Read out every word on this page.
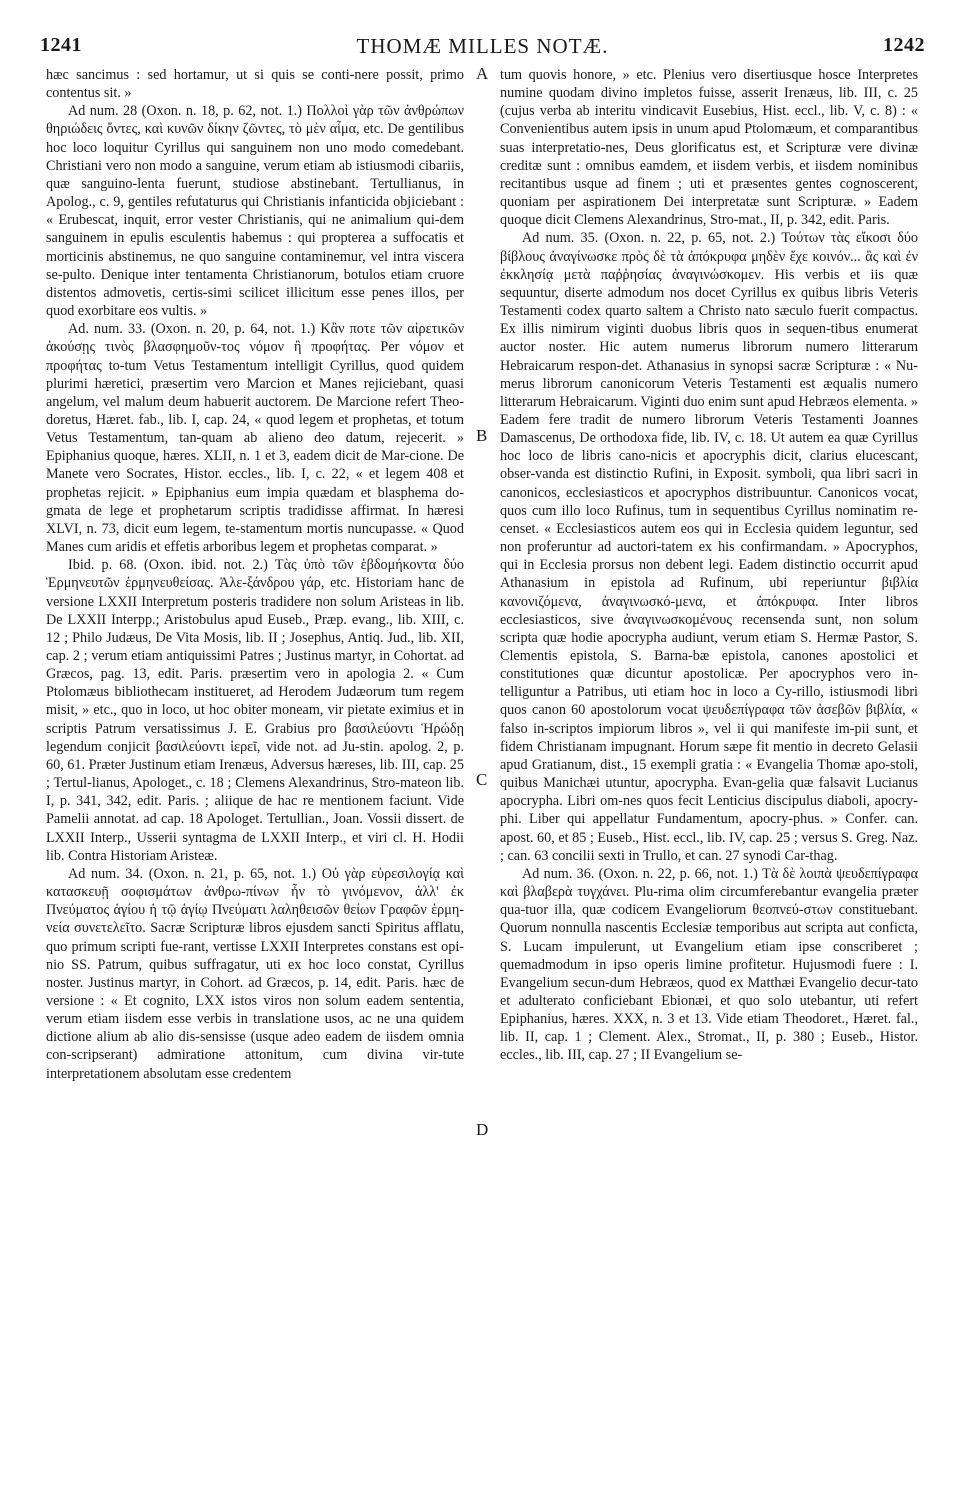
1241	THOMÆ MILLES NOTÆ.	1242
A
B
C
D

hæc sancimus : sed hortamur, ut si quis se conti-nere possit, primo contentus sit. »

Ad num. 28 (Oxon. n. 18, p. 62, not. 1.) Πολλοὶ γὰρ τῶν ἀνθρώπων θηριώδεις ὄντες, καὶ κυνῶν δίκην ζῶντες, τὸ μὲν αἷμα, etc. De gentilibus hoc loco loquitur Cyrillus qui sanguinem non uno modo comedebant. Christiani vero non modo a sanguine, verum etiam ab istiusmodi cibariis, quæ sanguino-lenta fuerunt, studiose abstinebant. Tertullianus, in Apolog., c. 9, gentiles refutaturus qui Christianis infanticida objiciebant : « Erubescat, inquit, error vester Christianis, qui ne animalium qui-dem sanguinem in epulis esculentis habemus : qui propterea a suffocatis et morticinis abstinemus, ne quo sanguine contaminemur, vel intra viscera se-pulto. Denique inter tentamenta Christianorum, botulos etiam cruore distentos admovetis, certis-simi scilicet illicitum esse penes illos, per quod exorbitare eos vultis. »

Ad. num. 33. (Oxon. n. 20, p. 64, not. 1.) Κἂν ποτε τῶν αἱρετικῶν ἀκούσῃς τινὸς βλασφημοῦν-τος νόμον ἢ προφήτας. Per νόμον et προφήτας to-tum Vetus Testamentum intelligit Cyrillus, quod quidem plurimi hæretici, præsertim vero Marcion et Manes rejiciebant, quasi angelum, vel malum deum habuerit auctorem. De Marcione refert Theo-doretus, Hæret. fab., lib. I, cap. 24, « quod legem et prophetas, et totum Vetus Testamentum, tan-quam ab alieno deo datum, rejecerit. » Epiphanius quoque, hæres. XLII, n. 1 et 3, eadem dicit de Mar-cione. De Manete vero Socrates, Histor. eccles., lib. I, c. 22, « et legem 408 et prophetas rejicit. » Epiphanius eum impia quædam et blasphema do-gmata de lege et prophetarum scriptis tradidisse affirmat. In hæresi XLVI, n. 73, dicit eum legem, te-stamentum mortis nuncupasse. « Quod Manes cum aridis et effetis arboribus legem et prophetas comparat. »

Ibid. p. 68. (Oxon. ibid. not. 2.) Τὰς ὑπὸ τῶν ἑβδομήκοντα δύο Ἑρμηνευτῶν ἑρμηνευθείσας. Ἀλε-ξάνδρου γάρ, etc. Historiam hanc de versione LXXII Interpretum posteris tradidere non solum Aristeas in lib. De LXXII Interpp.; Aristobulus apud Euseb., Præp. evang., lib. XIII, c. 12 ; Philo Judæus, De Vita Mosis, lib. II ; Josephus, Antiq. Jud., lib. XII, cap. 2 ; verum etiam antiquissimi Patres ; Justinus martyr, in Cohortat. ad Græcos, pag. 13, edit. Paris. præsertim vero in apologia 2. « Cum Ptolomæus bibliothecam institueret, ad Herodem Judæorum tum regem misit, » etc., quo in loco, ut hoc obiter moneam, vir pietate eximius et in scriptis Patrum versatissimus J. E. Grabius pro βασιλεύοντι Ἡρώδῃ legendum conjicit βασιλεύοντι ἱερεῖ, vide not. ad Ju-stin. apolog. 2, p. 60, 61. Præter Justinum etiam Irenæus, Adversus hæreses, lib. III, cap. 25 ; Tertul-lianus, Apologet., c. 18 ; Clemens Alexandrinus, Stro-mateon lib. I, p. 341, 342, edit. Paris. ; aliique de hac re mentionem faciunt. Vide Pamelii annotat. ad cap. 18 Apologet. Tertullian., Joan. Vossii dissert. de LXXII Interp., Usserii syntagma de LXXII Interp., et viri cl. H. Hodii lib. Contra Historiam Aristeæ.

Ad num. 34. (Oxon. n. 21, p. 65, not. 1.) Οὐ γὰρ εὑρεσιλογίᾳ καὶ κατασκευῇ σοφισμάτων ἀνθρω-πίνων ἦν τὸ γινόμενον, ἀλλ' ἐκ Πνεύματος ἁγίου ἡ τῷ ἁγίῳ Πνεύματι λαληθεισῶν θείων Γραφῶν ἑρμη-νεία συνετελεῖτο. Sacræ Scripturæ libros ejusdem sancti Spiritus afflatu, quo primum scripti fue-rant, vertisse LXXII Interpretes constans est opi-nio SS. Patrum, quibus suffragatur, uti ex hoc loco constat, Cyrillus noster. Justinus martyr, in Cohort. ad Græcos, p. 14, edit. Paris. hæc de versione : « Et cognito, LXX istos viros non solum eadem sententia, verum etiam iisdem esse verbis in translatione usos, ac ne una quidem dictione alium ab alio dis-sensisse (usque adeo eadem de iisdem omnia con-scripserant) admiratione attonitum, cum divina vir-tute interpretationem absolutam esse credentem

tum quovis honore, » etc. Plenius vero disertiusque hosce Interpretes numine quodam divino impletos fuisse, asserit Irenæus, lib. III, c. 25 (cujus verba ab interitu vindicavit Eusebius, Hist. eccl., lib. V, c. 8) : « Convenientibus autem ipsis in unum apud Ptolomæum, et comparantibus suas interpretatio-nes, Deus glorificatus est, et Scripturæ vere divinæ creditæ sunt : omnibus eamdem, et iisdem verbis, et iisdem nominibus recitantibus usque ad finem ; uti et præsentes gentes cognoscerent, quoniam per aspirationem Dei interpretatæ sunt Scripturæ. » Eadem quoque dicit Clemens Alexandrinus, Stro-mat., II, p. 342, edit. Paris.

Ad num. 35. (Oxon. n. 22, p. 65, not. 2.) Τούτων τὰς εἴκοσι δύο βίβλους ἀναγίνωσκε πρὸς δὲ τὰ ἀπόκρυφα μηδὲν ἔχε κοινόν... ἃς καὶ ἐν ἐκκλησίᾳ μετὰ παῤῥησίας ἀναγινώσκομεν. His verbis et iis quæ sequuntur, diserte admodum nos docet Cyrillus ex quibus libris Veteris Testamenti codex quarto saltem a Christo nato sæculo fuerit compactus. Ex illis nimirum viginti duobus libris quos in sequen-tibus enumerat auctor noster. Hic autem numerus librorum numero litterarum Hebraicarum respon-det. Athanasius in synopsi sacræ Scripturæ : « Nu-merus librorum canonicorum Veteris Testamenti est æqualis numero litterarum Hebraicarum. Viginti duo enim sunt apud Hebræos elementa. » Eadem fere tradit de numero librorum Veteris Testamenti Joannes Damascenus, De orthodoxa fide, lib. IV, c. 18. Ut autem ea quæ Cyrillus hoc loco de libris cano-nicis et apocryphis dicit, clarius elucescant, obser-vanda est distinctio Rufini, in Exposit. symboli, qua libri sacri in canonicos, ecclesiasticos et apocryphos distribuuntur. Canonicos vocat, quos cum illo loco Rufinus, tum in sequentibus Cyrillus nominatim re-censet. « Ecclesiasticos autem eos qui in Ecclesia quidem leguntur, sed non proferuntur ad auctori-tatem ex his confirmandam. » Apocryphos, qui in Ecclesia prorsus non debent legi. Eadem distinctio occurrit apud Athanasium in epistola ad Rufinum, ubi reperiuntur βιβλία κανονιζόμενα, ἀναγινωσκό-μενα, et ἀπόκρυφα. Inter libros ecclesiasticos, sive ἀναγινωσκομένους recensenda sunt, non solum scripta quæ hodie apocrypha audiunt, verum etiam S. Hermæ Pastor, S. Clementis epistola, S. Barna-bæ epistola, canones apostolici et constitutiones quæ dicuntur apostolicæ. Per apocryphos vero in-telliguntur a Patribus, uti etiam hoc in loco a Cy-rillo, istiusmodi libri quos canon 60 apostolorum vocat ψευδεπίγραφα τῶν ἀσεβῶν βιβλία, « falso in-scriptos impiorum libros », vel ii qui manifeste im-pii sunt, et fidem Christianam impugnant. Horum sæpe fit mentio in decreto Gelasii apud Gratianum, dist., 15 exempli gratia : « Evangelia Thomæ apo-stoli, quibus Manichæi utuntur, apocrypha. Evan-gelia quæ falsavit Lucianus apocrypha. Libri om-nes quos fecit Lenticius discipulus diaboli, apocry-phi. Liber qui appellatur Fundamentum, apocry-phus. » Confer. can. apost. 60, et 85 ; Euseb., Hist. eccl., lib. IV, cap. 25 ; versus S. Greg. Naz. ; can. 63 concilii sexti in Trullo, et can. 27 synodi Car-thag.

Ad num. 36. (Oxon. n. 22, p. 66, not. 1.) Τὰ δὲ λοιπὰ ψευδεπίγραφα καὶ βλαβερὰ τυγχάνει. Plu-rima olim circumferebantur evangelia præter qua-tuor illa, quæ codicem Evangeliorum θεοπνεύ-στων constituebant. Quorum nonnulla nascentis Ecclesiæ temporibus aut scripta aut conficta, S. Lucam impulerunt, ut Evangelium etiam ipse conscriberet ; quemadmodum in ipso operis limine profitetur. Hujusmodi fuere : I. Evangelium secun-dum Hebræos, quod ex Matthæi Evangelio decur-tato et adulterato conficiebant Ebionæi, et quo solo utebantur, uti refert Epiphanius, hæres. XXX, n. 3 et 13. Vide etiam Theodoret., Hæret. fal., lib. II, cap. 1 ; Clement. Alex., Stromat., II, p. 380 ; Euseb., Histor. eccles., lib. III, cap. 27 ; II Evangelium se-
